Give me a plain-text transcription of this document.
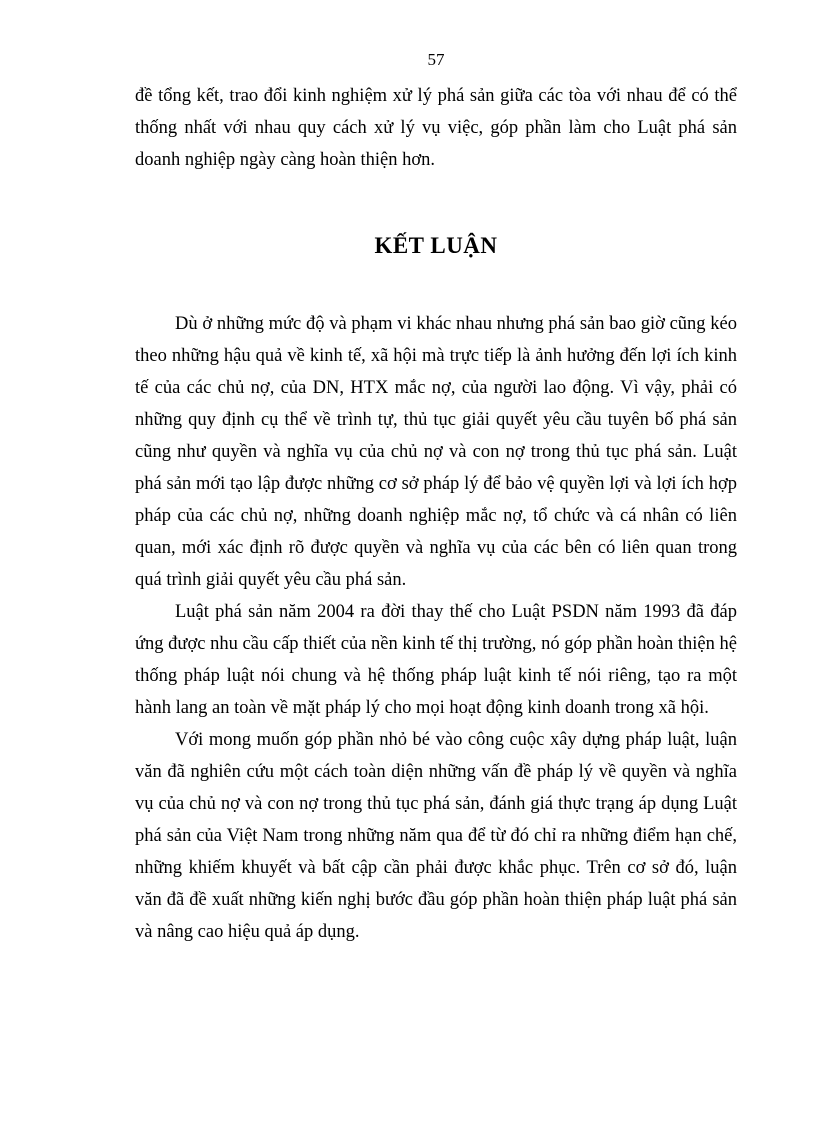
57

đề tổng kết, trao đổi kinh nghiệm xử lý phá sản giữa các tòa với nhau để có thể thống nhất với nhau quy cách xử lý vụ việc, góp phần làm cho Luật phá sản doanh nghiệp ngày càng hoàn thiện hơn.

KẾT LUẬN

Dù ở những mức độ và phạm vi khác nhau nhưng phá sản bao giờ cũng kéo theo những hậu quả về kinh tế, xã hội mà trực tiếp là ảnh hưởng đến lợi ích kinh tế của các chủ nợ, của DN, HTX mắc nợ, của người lao động. Vì vậy, phải có những quy định cụ thể về trình tự, thủ tục giải quyết yêu cầu tuyên bố phá sản cũng như quyền và nghĩa vụ của chủ nợ và con nợ trong thủ tục phá sản. Luật phá sản mới tạo lập được những cơ sở pháp lý để bảo vệ quyền lợi và lợi ích hợp pháp của các chủ nợ, những doanh nghiệp mắc nợ, tổ chức và cá nhân có liên quan, mới xác định rõ được quyền và nghĩa vụ của các bên có liên quan trong quá trình giải quyết yêu cầu phá sản.

Luật phá sản năm 2004 ra đời thay thế cho Luật PSDN năm 1993 đã đáp ứng được nhu cầu cấp thiết của nền kinh tế thị trường, nó góp phần hoàn thiện hệ thống pháp luật nói chung và hệ thống pháp luật kinh tế nói riêng, tạo ra một hành lang an toàn về mặt pháp lý cho mọi hoạt động kinh doanh trong xã hội.

Với mong muốn góp phần nhỏ bé vào công cuộc xây dựng pháp luật, luận văn đã nghiên cứu một cách toàn diện những vấn đề pháp lý về quyền và nghĩa vụ của chủ nợ và con nợ trong thủ tục phá sản, đánh giá thực trạng áp dụng Luật phá sản của Việt Nam trong những năm qua để từ đó chỉ ra những điểm hạn chế, những khiếm khuyết và bất cập cần phải được khắc phục. Trên cơ sở đó, luận văn đã đề xuất những kiến nghị bước đầu góp phần hoàn thiện pháp luật phá sản và nâng cao hiệu quả áp dụng.
